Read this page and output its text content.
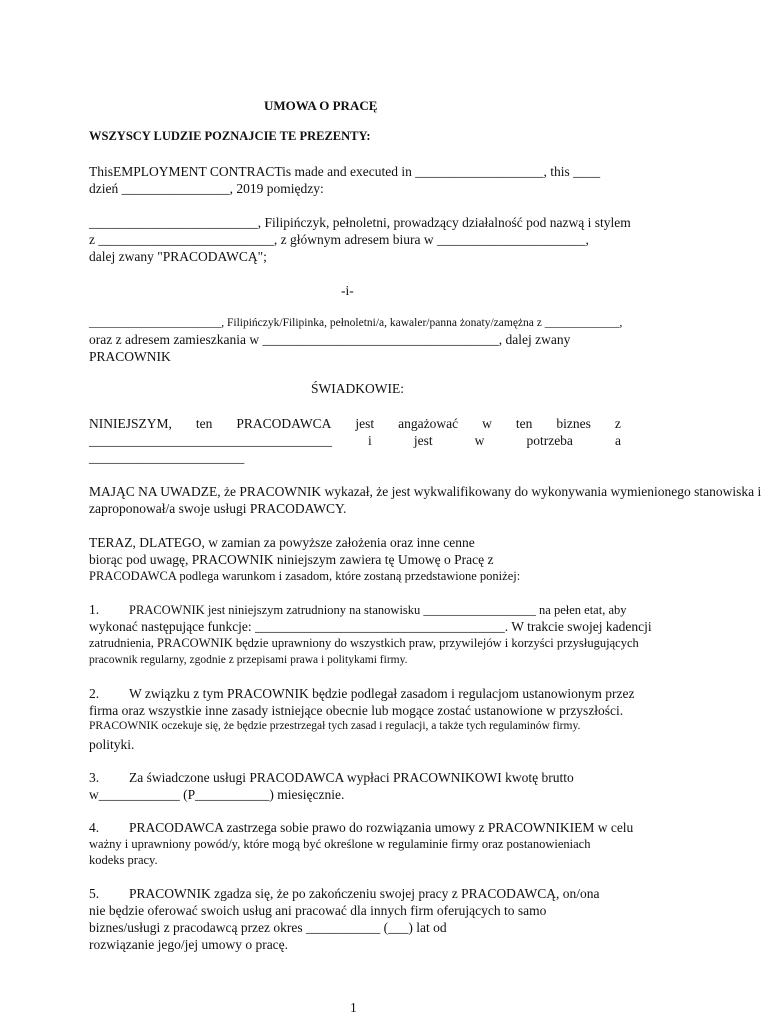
UMOWA O PRACĘ
WSZYSCY LUDZIE POZNAJCIE TE PREZENTY:
ThisEMPLOYMENT CONTRACTis made and executed in ___________________, this ____
dzień ________________, 2019 pomiędzy:
_________________________, Filipińczyk, pełnoletni, prowadzący działalność pod nazwą i stylem
z __________________________, z głównym adresem biura w ______________________,
dalej zwany "PRACODAWCĄ";
-i-
_______________________, Filipińczyk/Filipinka, pełnoletni/a, kawaler/panna żonaty/zamężna z _____________,
oraz z adresem zamieszkania w ___________________________________, dalej zwany
PRACOWNIK
ŚWIADKOWIE:
NINIEJSZYM, ten PRACODAWCA jest angażować w ten biznes z
____________________________________	i	jest	w	potrzeba	a
_______________________
MAJĄC NA UWADZE, że PRACOWNIK wykazał, że jest wykwalifikowany do wykonywania wymienionego stanowiska i
zaproponował/a swoje usługi PRACODAWCY.
TERAZ, DLATEGO, w zamian za powyższe założenia oraz inne cenne
biorąc pod uwagę, PRACOWNIK niniejszym zawiera tę Umowę o Pracę z
PRACODAWCA podlega warunkom i zasadom, które zostaną przedstawione poniżej:
1. PRACOWNIK jest niniejszym zatrudniony na stanowisku __________________ na pełen etat, aby
wykonać następujące funkcje: _____________________________________. W trakcie swojej kadencji
zatrudnienia, PRACOWNIK będzie uprawniony do wszystkich praw, przywilejów i korzyści przysługujących
pracownik regularny, zgodnie z przepisami prawa i politykami firmy.
2. W związku z tym PRACOWNIK będzie podlegał zasadom i regulacjom ustanowionym przez
firma oraz wszystkie inne zasady istniejące obecnie lub mogące zostać ustanowione w przyszłości.
PRACOWNIK oczekuje się, że będzie przestrzegał tych zasad i regulacji, a także tych regulaminów firmy.
polityki.
3. Za świadczone usługi PRACODAWCA wypłaci PRACOWNIKOWI kwotę brutto
w____________ (P___________) miesięcznie.
4. PRACODAWCA zastrzega sobie prawo do rozwiązania umowy z PRACOWNIKIEM w celu
ważny i uprawniony powód/y, które mogą być określone w regulaminie firmy oraz postanowieniach
kodeks pracy.
5. PRACOWNIK zgadza się, że po zakończeniu swojej pracy z PRACODAWCĄ, on/ona
nie będzie oferować swoich usług ani pracować dla innych firm oferujących to samo
biznes/usługi z pracodawcą przez okres ___________ (___) lat od
rozwiązanie jego/jej umowy o pracę.
1
